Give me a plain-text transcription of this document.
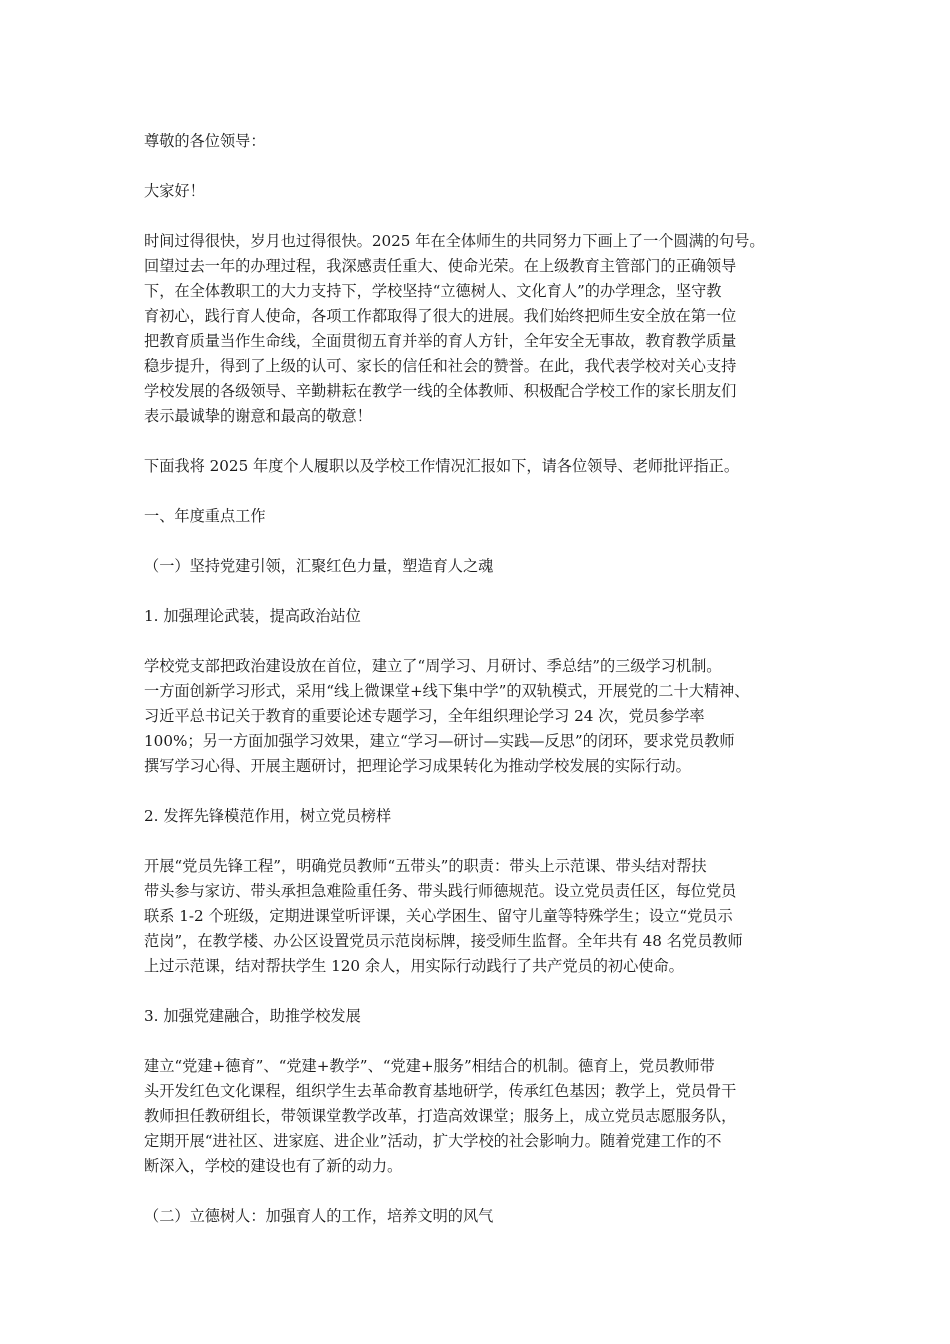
尊敬的各位领导：
大家好！
时间过得很快，岁月也过得很快。2025 年在全体师生的共同努力下画上了一个圆满的句号。
回望过去一年的办理过程，我深感责任重大、使命光荣。在上级教育主管部门的正确领导
下，在全体教职工的大力支持下，学校坚持“立德树人、文化育人”的办学理念，坚守教
育初心，践行育人使命，各项工作都取得了很大的进展。我们始终把师生安全放在第一位
把教育质量当作生命线，全面贯彻五育并举的育人方针，全年安全无事故，教育教学质量
稳步提升，得到了上级的认可、家长的信任和社会的赞誉。在此，我代表学校对关心支持
学校发展的各级领导、辛勤耕耘在教学一线的全体教师、积极配合学校工作的家长朋友们
表示最诚挚的谢意和最高的敬意！
下面我将 2025 年度个人履职以及学校工作情况汇报如下，请各位领导、老师批评指正。
一、年度重点工作
（一）坚持党建引领，汇聚红色力量，塑造育人之魂
1. 加强理论武装，提高政治站位
学校党支部把政治建设放在首位，建立了“周学习、月研讨、季总结”的三级学习机制。
一方面创新学习形式，采用“线上微课堂+线下集中学”的双轨模式，开展党的二十大精神、
习近平总书记关于教育的重要论述专题学习，全年组织理论学习 24 次，党员参学率
100%；另一方面加强学习效果，建立“学习—研讨—实践—反思”的闭环，要求党员教师
撰写学习心得、开展主题研讨，把理论学习成果转化为推动学校发展的实际行动。
2. 发挥先锋模范作用，树立党员榜样
开展“党员先锋工程”，明确党员教师“五带头”的职责：带头上示范课、带头结对帮扶
带头参与家访、带头承担急难险重任务、带头践行师德规范。设立党员责任区，每位党员
联系 1-2 个班级，定期进课堂听评课，关心学困生、留守儿童等特殊学生；设立“党员示
范岗”，在教学楼、办公区设置党员示范岗标牌，接受师生监督。全年共有 48 名党员教师
上过示范课，结对帮扶学生 120 余人，用实际行动践行了共产党员的初心使命。
3. 加强党建融合，助推学校发展
建立“党建+德育”、“党建+教学”、“党建+服务”相结合的机制。德育上，党员教师带
头开发红色文化课程，组织学生去革命教育基地研学，传承红色基因；教学上，党员骨干
教师担任教研组长，带领课堂教学改革，打造高效课堂；服务上，成立党员志愿服务队，
定期开展“进社区、进家庭、进企业”活动，扩大学校的社会影响力。随着党建工作的不
断深入，学校的建设也有了新的动力。
（二）立德树人：加强育人的工作，培养文明的风气
